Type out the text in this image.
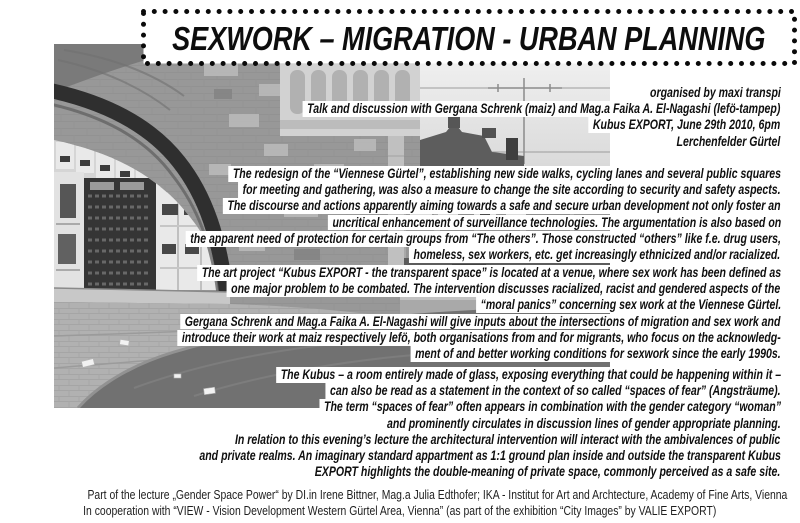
SEXWORK – MIGRATION - URBAN PLANNING
organised by maxi transpi
Talk and discussion with Gergana Schrenk (maiz) and Mag.a Faika A. El-Nagashi (lefö-tampep)
Kubus EXPORT, June 29th 2010, 6pm
Lerchenfelder Gürtel
The redesign of the “Viennese Gürtel”, establishing new side walks, cycling lanes and several public squares
for meeting and gathering, was also a measure to change the site according to security and safety aspects.
The discourse and actions apparently aiming towards a safe and secure urban development not only foster an
uncritical enhancement of surveillance technologies. The argumentation is also based on
the apparent need of protection for certain groups from “The others”. Those constructed “others” like f.e. drug users,
homeless, sex workers, etc. get increasingly ethnicized and/or racialized.
The art project “Kubus EXPORT - the transparent space” is located at a venue, where sex work has been defined as
one major problem to be combated. The intervention discusses racialized, racist and gendered aspects of the
“moral panics” concerning sex work at the Viennese Gürtel.
Gergana Schrenk and Mag.a Faika A. El-Nagashi will give inputs about the intersections of migration and sex work and
introduce their work at maiz respectively lefö, both organisations from and for migrants, who focus on the acknowledg-
ment of and better working conditions for sexwork since the early 1990s.
The Kubus – a room entirely made of glass, exposing everything that could be happening within it –
can also be read as a statement in the context of so called “spaces of fear” (Angsträume).
The term “spaces of fear” often appears in combination with the gender category “woman”
and prominently circulates in discussion lines of gender appropriate planning.
In relation to this evening’s lecture the architectural intervention will interact with the ambivalences of public
and private realms. An imaginary standard appartment as 1:1 ground plan inside and outside the transparent Kubus
EXPORT highlights the double-meaning of private space, commonly perceived as a safe site.
Part of the lecture „Gender Space Power“ by DI.in Irene Bittner, Mag.a Julia Edthofer; IKA - Institut for Art and Archtecture, Academy of Fine Arts, Vienna
In cooperation with “VIEW - Vision Development Western Gürtel Area, Vienna” (as part of the exhibition “City Images” by VALIE EXPORT)
